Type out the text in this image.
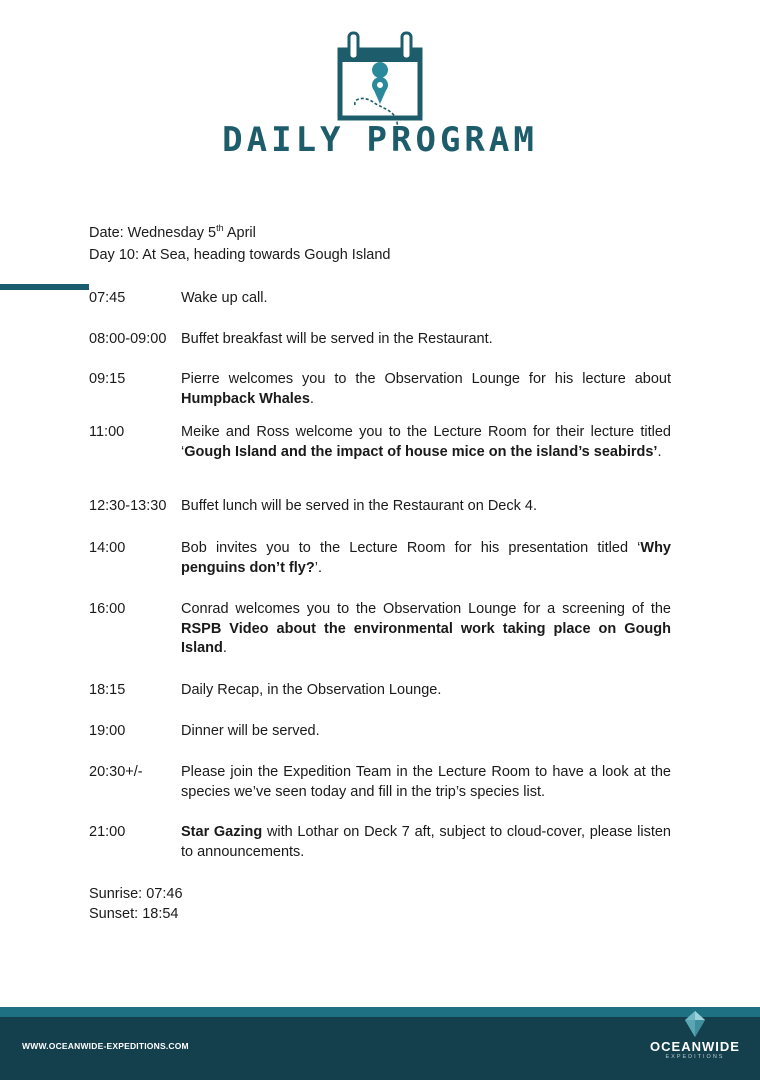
DAILY PROGRAM
Date: Wednesday 5th April
Day 10: At Sea, heading towards Gough Island
07:45	Wake up call.
08:00-09:00	Buffet breakfast will be served in the Restaurant.
09:15	Pierre welcomes you to the Observation Lounge for his lecture about Humpback Whales.
11:00	Meike and Ross welcome you to the Lecture Room for their lecture titled ‘Gough Island and the impact of house mice on the island’s seabirds’.
12:30-13:30	Buffet lunch will be served in the Restaurant on Deck 4.
14:00	Bob invites you to the Lecture Room for his presentation titled ‘Why penguins don’t fly?’.
16:00	Conrad welcomes you to the Observation Lounge for a screening of the RSPB Video about the environmental work taking place on Gough Island.
18:15	Daily Recap, in the Observation Lounge.
19:00	Dinner will be served.
20:30+/-	Please join the Expedition Team in the Lecture Room to have a look at the species we’ve seen today and fill in the trip’s species list.
21:00	Star Gazing with Lothar on Deck 7 aft, subject to cloud-cover, please listen to announcements.
Sunrise: 07:46
Sunset: 18:54
WWW.OCEANWIDE-EXPEDITIONS.COM	OCEANWIDE
EXPEDITIONS
